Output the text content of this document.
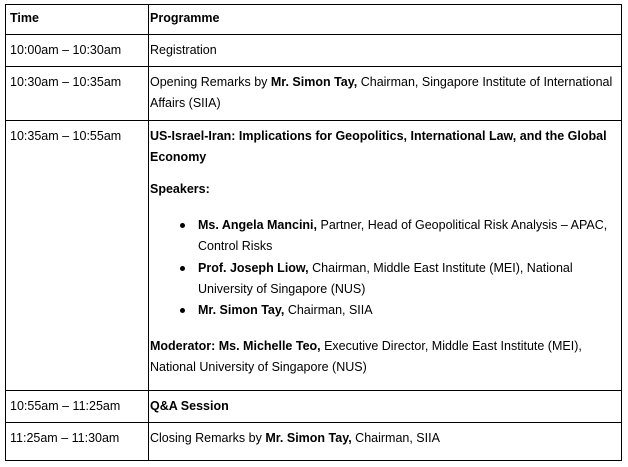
Time	Programme
10:00am – 10:30am Registration
10:30am – 10:35am Opening Remarks by Mr. Simon Tay, Chairman, Singapore Institute of International Affairs (SIIA)
10:35am – 10:55am US-Israel-Iran: Implications for Geopolitics, International Law, and the Global Economy
Speakers:
Ms. Angela Mancini, Partner, Head of Geopolitical Risk Analysis – APAC, Control Risks
Prof. Joseph Liow, Chairman, Middle East Institute (MEI), National University of Singapore (NUS)
Mr. Simon Tay, Chairman, SIIA
Moderator: Ms. Michelle Teo, Executive Director, Middle East Institute (MEI), National University of Singapore (NUS)
10:55am – 11:25am Q&A Session
11:25am – 11:30am Closing Remarks by Mr. Simon Tay, Chairman, SIIA
